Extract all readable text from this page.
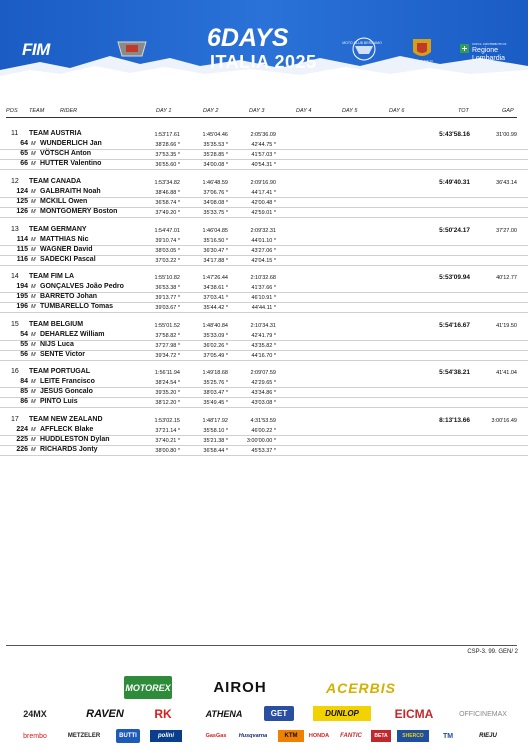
FIM	6DAYS
ITALIA 2025
MOTO CLUB BERGAMO
COMUNE DI BERGAMO
CON IL CONTRIBUTO DI
Regione Lombardia
POS TEAM	RIDER	DAY 1	DAY 2	DAY 3	DAY 4	DAY 5	DAY 6	TOT	GAP
11 TEAM AUSTRIA	1:53'17.61	1:45'04.46	2:05'36.09	5:43'58.16	31'00.99
64 M WUNDERLICH Jan	38'28.66 *	35'35.53 *	42'44.75 *
65 M VÖTSCH Anton	37'53.35 *	35'28.85 *	41'57.03 *
66 M HUTTER Valentino	36'55.60 *	34'00.08 *	40'54.31 *
12 TEAM CANADA	1:53'34.82	1:46'48.59	2:09'16.90	5:49'40.31	36'43.14
124 M GALBRAITH Noah	38'46.88 *	37'06.76 *	44'17.41 *
125 M MCKILL Owen	36'58.74 *	34'08.08 *	42'00.48 *
126 M MONTGOMERY Boston	37'49.20 *	35'33.75 *	42'59.01 *
13 TEAM GERMANY	1:54'47.01	1:46'04.85	2:09'32.31	5:50'24.17	37'27.00
114 M MATTHIAS Nic	39'10.74 *	35'16.50 *	44'01.10 *
115 M WAGNER David	38'03.05 *	36'30.47 *	43'27.06 *
116 M SADECKI Pascal	37'03.22 *	34'17.88 *	42'04.15 *
14 TEAM FIM LA	1:55'10.82	1:47'26.44	2:10'32.68	5:53'09.94	40'12.77
194 M GONÇALVES João Pedro	36'53.38 *	34'38.61 *	41'37.66 *
195 M BARRETO Johan	39'13.77 *	37'03.41 *	46'10.91 *
196 M TUMBARELLO Tomas	39'03.67 *	35'44.42 *	44'44.11 *
15 TEAM BELGIUM	1:55'01.52	1:48'40.84	2:10'34.31	5:54'16.67	41'19.50
54 M DEHARLEZ William	37'58.82 *	35'33.09 *	42'41.79 *
55 M NIJS Luca	37'27.98 *	36'02.26 *	43'35.82 *
56 M SENTE Victor	39'34.72 *	37'05.49 *	44'16.70 *
16 TEAM PORTUGAL	1:56'11.94	1:49'18.68	2:09'07.59	5:54'38.21	41'41.04
84 M LEITE Francisco	38'24.54 *	35'25.76 *	42'29.65 *
85 M JESUS Goncalo	39'35.20 *	38'03.47 *	43'34.86 *
86 M PINTO Luis	38'12.20 *	35'49.45 *	43'03.08 *
17 TEAM NEW ZEALAND	1:53'02.15	1:48'17.92	4:31'53.59	8:13'13.66	3:00'16.49
224 M AFFLECK Blake	37'21.14 *	35'58.10 *	46'00.22 *
225 M HUDDLESTON Dylan	37'40.21 *	35'21.38 *	3:00'00.00 *
226 M RICHARDS Jonty	38'00.80 *	36'58.44 *	45'53.37 *
CSP-3. 99. GEN/ 2
MOTOREX	AIROH	ACERBIS
24MX	RAVEN	RK	ATHENA	GET	DUNLOP	EICMA	OFFICINEMAX
brembo	METZELER	BUTTI	polini	GasGas	Husqvarna	KTM	HONDA	FANTIC	BETA	SHERCO	TM	RIEJU
